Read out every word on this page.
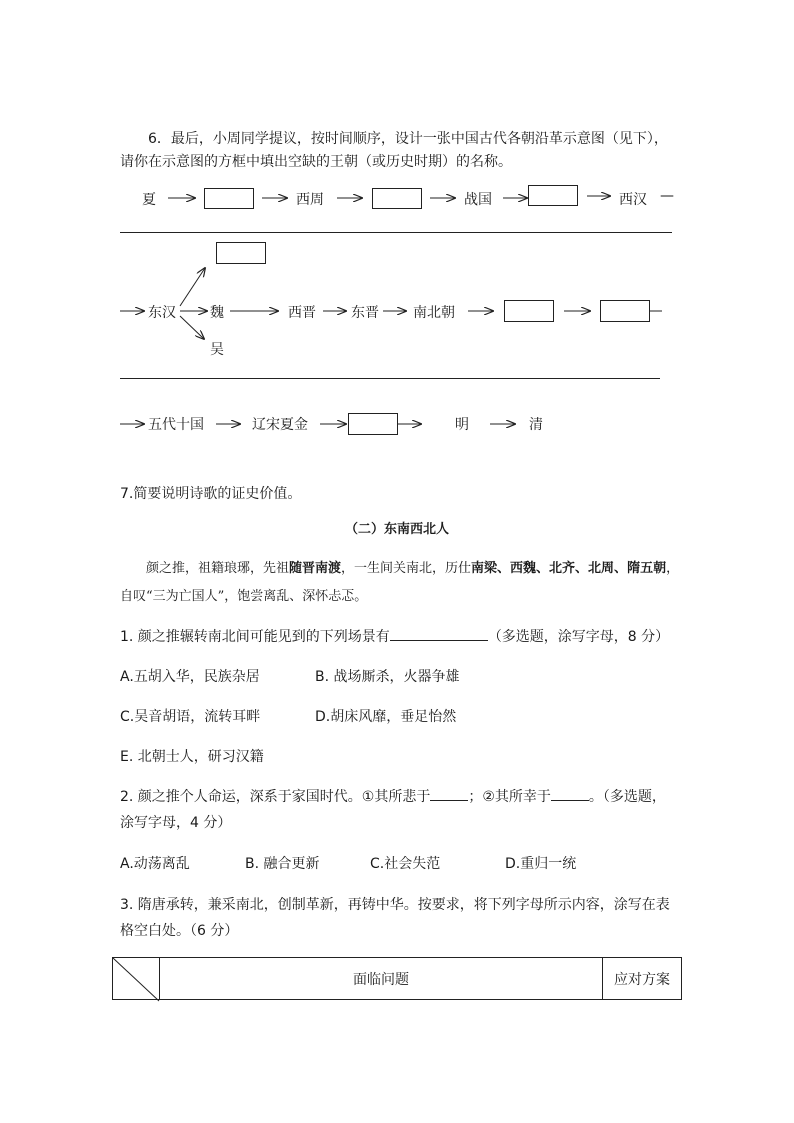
6．最后，小周同学提议，按时间顺序，设计一张中国古代各朝沿革示意图（见下），请你在示意图的方框中填出空缺的王朝（或历史时期）的名称。
夏	西周	战国	西汉 —
东汉 魏
吴
西晋	东晋 南北朝
五代十国	辽宋夏金	明	清
7.简要说明诗歌的证史价值。
（二）东南西北人
颜之推，祖籍琅琊，先祖随晋南渡，一生间关南北，历仕南梁、西魏、北齐、北周、隋五朝，自叹“三为亡国人”，饱尝离乱、深怀忐忑。
1. 颜之推辗转南北间可能见到的下列场景有	（多选题，涂写字母，8 分）
A.五胡入华，民族杂居	B. 战场厮杀，火器争雄
C.吴音胡语，流转耳畔	D.胡床风靡，垂足怡然
E. 北朝士人，研习汉籍
2. 颜之推个人命运，深系于家国时代。①其所悲于	；②其所幸于	。（多选题，
涂写字母，4 分）
A.动荡离乱	B. 融合更新	C.社会失范	D.重归一统
3. 隋唐承转，兼采南北，创制革新，再铸中华。按要求，将下列字母所示内容，涂写在表格空白处。（6 分）
	面临问题	应对方案
